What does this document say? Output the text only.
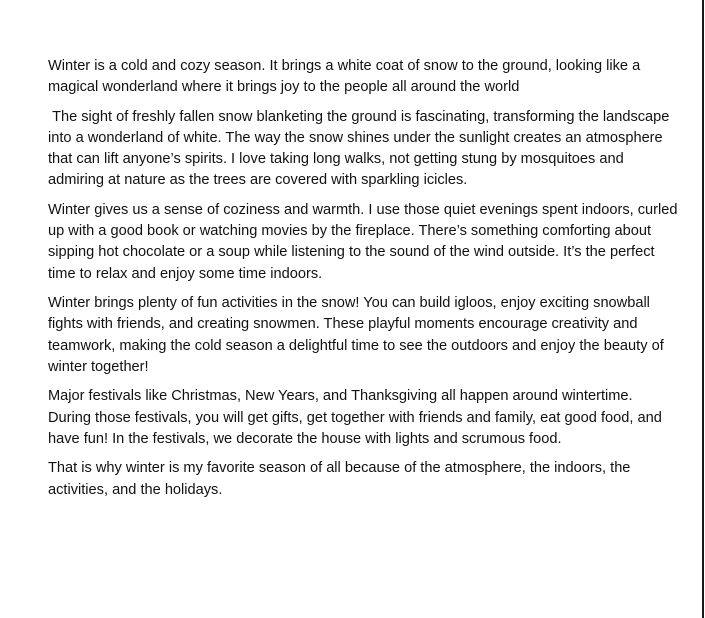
Winter is a cold and cozy season. It brings a white coat of snow to the ground, looking like a magical wonderland where it brings joy to the people all around the world

The sight of freshly fallen snow blanketing the ground is fascinating, transforming the landscape into a wonderland of white. The way the snow shines under the sunlight creates an atmosphere that can lift anyone’s spirits. I love taking long walks, not getting stung by mosquitoes and admiring at nature as the trees are covered with sparkling icicles.

Winter gives us a sense of coziness and warmth. I use those quiet evenings spent indoors, curled up with a good book or watching movies by the fireplace. There’s something comforting about sipping hot chocolate or a soup while listening to the sound of the wind outside. It’s the perfect time to relax and enjoy some time indoors.

Winter brings plenty of fun activities in the snow! You can build igloos, enjoy exciting snowball fights with friends, and creating snowmen. These playful moments encourage creativity and teamwork, making the cold season a delightful time to see the outdoors and enjoy the beauty of winter together!

Major festivals like Christmas, New Years, and Thanksgiving all happen around wintertime. During those festivals, you will get gifts, get together with friends and family, eat good food, and have fun! In the festivals, we decorate the house with lights and scrumous food.

That is why winter is my favorite season of all because of the atmosphere, the indoors, the activities, and the holidays.
